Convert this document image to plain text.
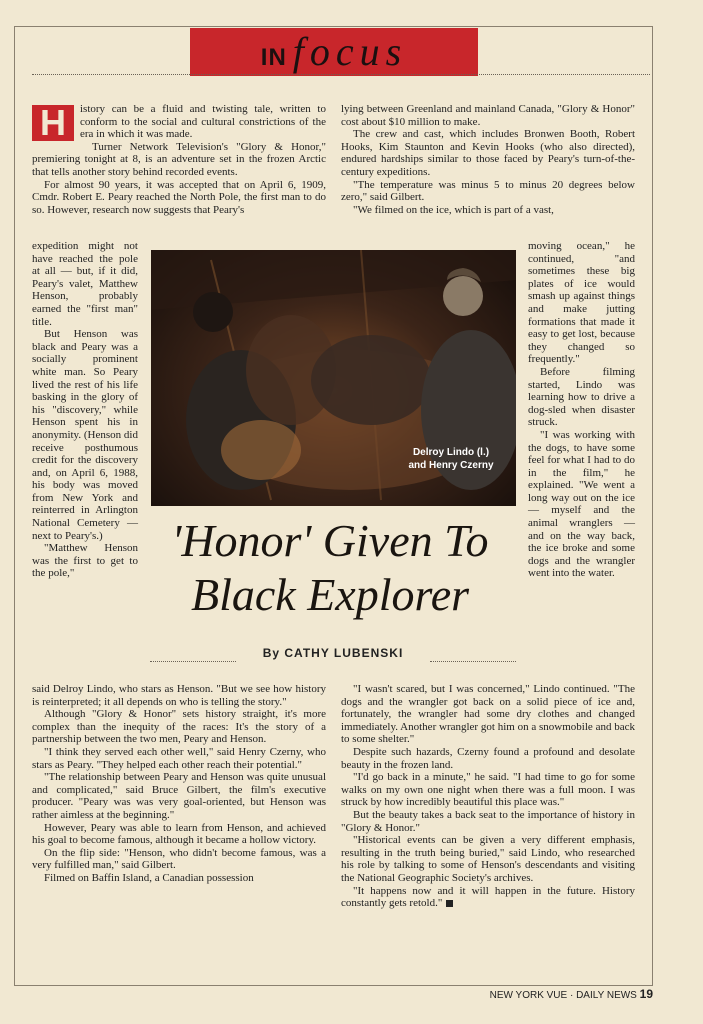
IN focus
H	istory can be a fluid and twisting tale, written to conform to the social and cultural constrictions of the era in which it was made.

Turner Network Television's "Glory & Honor," premiering tonight at 8, is an adventure set in the frozen Arctic that tells another story behind recorded events.

For almost 90 years, it was accepted that on April 6, 1909, Cmdr. Robert E. Peary reached the North Pole, the first man to do so. However, research now suggests that Peary's

expedition might not have reached the pole at all — but, if it did, Peary's valet, Matthew Henson, probably earned the "first man" title.

But Henson was black and Peary was a socially prominent white man. So Peary lived the rest of his life basking in the glory of his "discovery," while Henson spent his in anonymity. (Henson did receive posthumous credit for the discovery and, on April 6, 1988, his body was moved from New York and reinterred in Arlington National Cemetery — next to Peary's.)

"Matthew Henson was the first to get to the pole,"

said Delroy Lindo, who stars as Henson. "But we see how history is reinterpreted; it all depends on who is telling the story."

Although "Glory & Honor" sets history straight, it's more complex than the inequity of the races: It's the story of a partnership between the two men, Peary and Henson.

"I think they served each other well," said Henry Czerny, who stars as Peary. "They helped each other reach their potential."

"The relationship between Peary and Henson was quite unusual and complicated," said Bruce Gilbert, the film's executive producer. "Peary was was very goal-oriented, but Henson was rather aimless at the beginning."

However, Peary was able to learn from Henson, and achieved his goal to become famous, although it became a hollow victory.

On the flip side: "Henson, who didn't become famous, was a very fulfilled man," said Gilbert.

Filmed on Baffin Island, a Canadian possession

lying between Greenland and mainland Canada, "Glory & Honor" cost about $10 million to make.

The crew and cast, which includes Bronwen Booth, Robert Hooks, Kim Staunton and Kevin Hooks (who also directed), endured hardships similar to those faced by Peary's turn-of-the-century expeditions.

"The temperature was minus 5 to minus 20 degrees below zero," said Gilbert.

"We filmed on the ice, which is part of a vast,

moving ocean," he continued, "and sometimes these big plates of ice would smash up against things and make jutting formations that made it easy to get lost, because they changed so frequently."

Before filming started, Lindo was learning how to drive a dog-sled when disaster struck.

"I was working with the dogs, to have some feel for what I had to do in the film," he explained. "We went a long way out on the ice — myself and the animal wranglers — and on the way back, the ice broke and some dogs and the wrangler went into the water.

"I wasn't scared, but I was concerned," Lindo continued. "The dogs and the wrangler got back on a solid piece of ice and, fortunately, the wrangler had some dry clothes and changed immediately. Another wrangler got him on a snowmobile and back to some shelter."

Despite such hazards, Czerny found a profound and desolate beauty in the frozen land.

"I'd go back in a minute," he said. "I had time to go for some walks on my own one night when there was a full moon. I was struck by how incredibly beautiful this place was."

But the beauty takes a back seat to the importance of history in "Glory & Honor."

"Historical events can be given a very different emphasis, resulting in the truth being buried," said Lindo, who researched his role by talking to some of Henson's descendants and visiting the National Geographic Society's archives.

"It happens now and it will happen in the future. History constantly gets retold."

Delroy Lindo (l.)
and Henry Czerny
'Honor' Given To
Black Explorer
By CATHY LUBENSKI
NEW YORK VUE · DAILY NEWS 19
